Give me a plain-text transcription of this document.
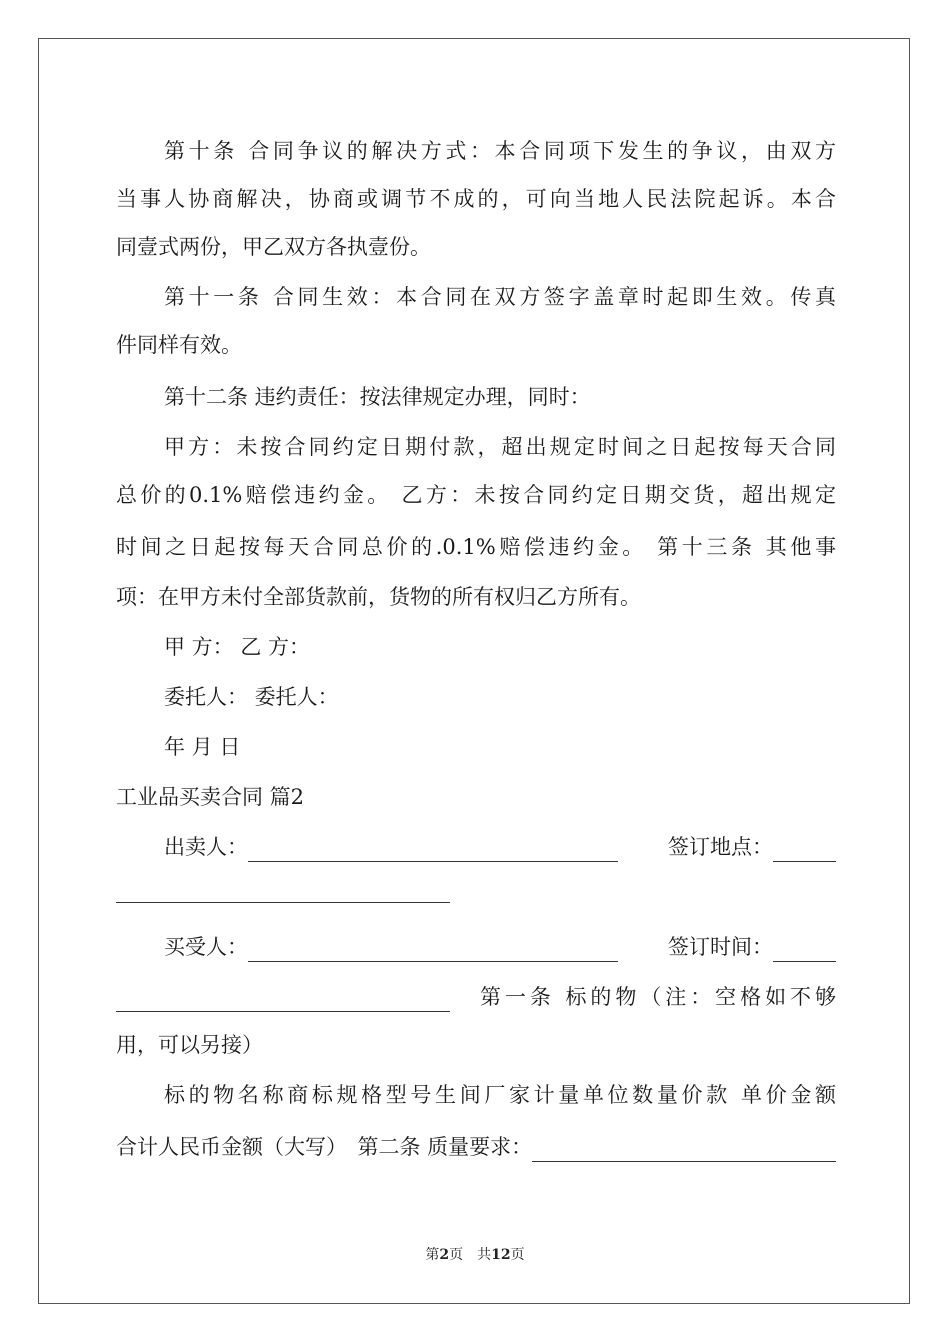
第十条 合同争议的解决方式：本合同项下发生的争议，由双方
当事人协商解决，协商或调节不成的，可向当地人民法院起诉。本合
同壹式两份，甲乙双方各执壹份。
第十一条 合同生效：本合同在双方签字盖章时起即生效。传真
件同样有效。
第十二条 违约责任：按法律规定办理，同时：
甲方：未按合同约定日期付款，超出规定时间之日起按每天合同
总价的0.1%赔偿违约金。 乙方：未按合同约定日期交货，超出规定
时间之日起按每天合同总价的.0.1%赔偿违约金。 第十三条 其他事
项：在甲方未付全部货款前，货物的所有权归乙方所有。
甲 方： 乙 方：
委托人： 委托人：
年 月 日
工业品买卖合同 篇2
出卖人：	签订地点：
买受人：	签订时间：
第一条 标的物（注：空格如不够
用，可以另接）
标的物名称商标规格型号生间厂家计量单位数量价款 单价金额
合计人民币金额（大写）　第二条 质量要求：
第2页　共12页
